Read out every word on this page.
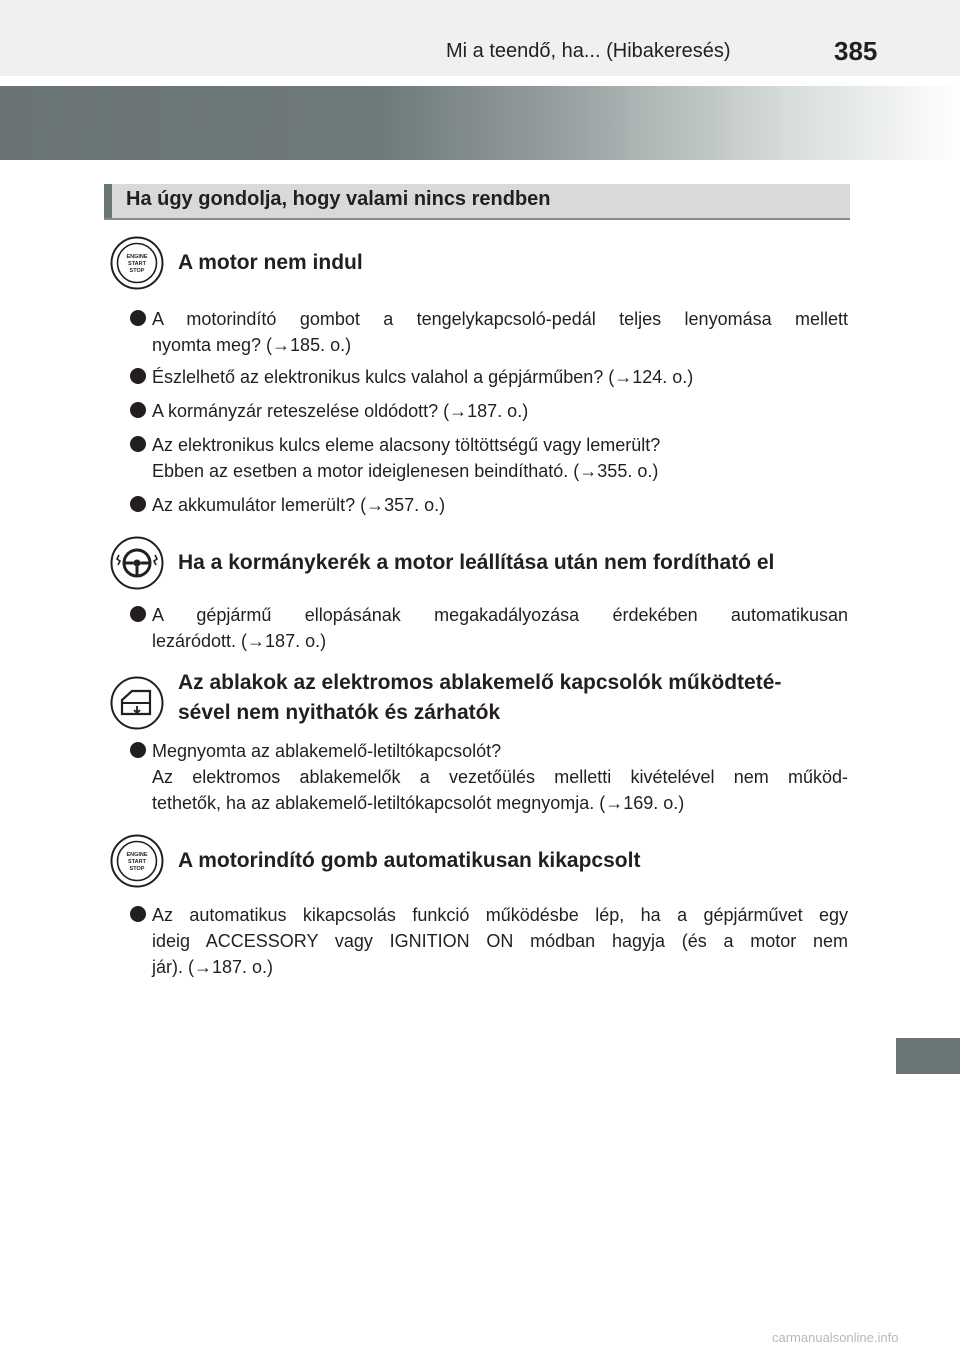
Mi a teendő, ha... (Hibakeresés)	385
Ha úgy gondolja, hogy valami nincs rendben
ENGINE
START
STOP A motor nem indul
A motorindító gombot a tengelykapcsoló-pedál teljes lenyomása mellett
nyomta meg? (→185. o.)
Észlelhető az elektronikus kulcs valahol a gépjárműben? (→124. o.)
A kormányzár reteszelése oldódott? (→187. o.)
Az elektronikus kulcs eleme alacsony töltöttségű vagy lemerült?
Ebben az esetben a motor ideiglenesen beindítható. (→355. o.)
Az akkumulátor lemerült? (→357. o.)
Ha a kormánykerék a motor leállítása után nem fordítható el
A gépjármű ellopásának megakadályozása érdekében automatikusan
lezáródott. (→187. o.)
Az ablakok az elektromos ablakemelő kapcsolók működteté-
sével nem nyithatók és zárhatók
Megnyomta az ablakemelő-letiltókapcsolót?
Az elektromos ablakemelők a vezetőülés melletti kivételével nem működ-
tethetők, ha az ablakemelő-letiltókapcsolót megnyomja. (→169. o.)
ENGINE
START
STOP A motorindító gomb automatikusan kikapcsolt
Az automatikus kikapcsolás funkció működésbe lép, ha a gépjárművet egy
ideig ACCESSORY vagy IGNITION ON módban hagyja (és a motor nem
jár). (→187. o.)
carmanualsonline.info
